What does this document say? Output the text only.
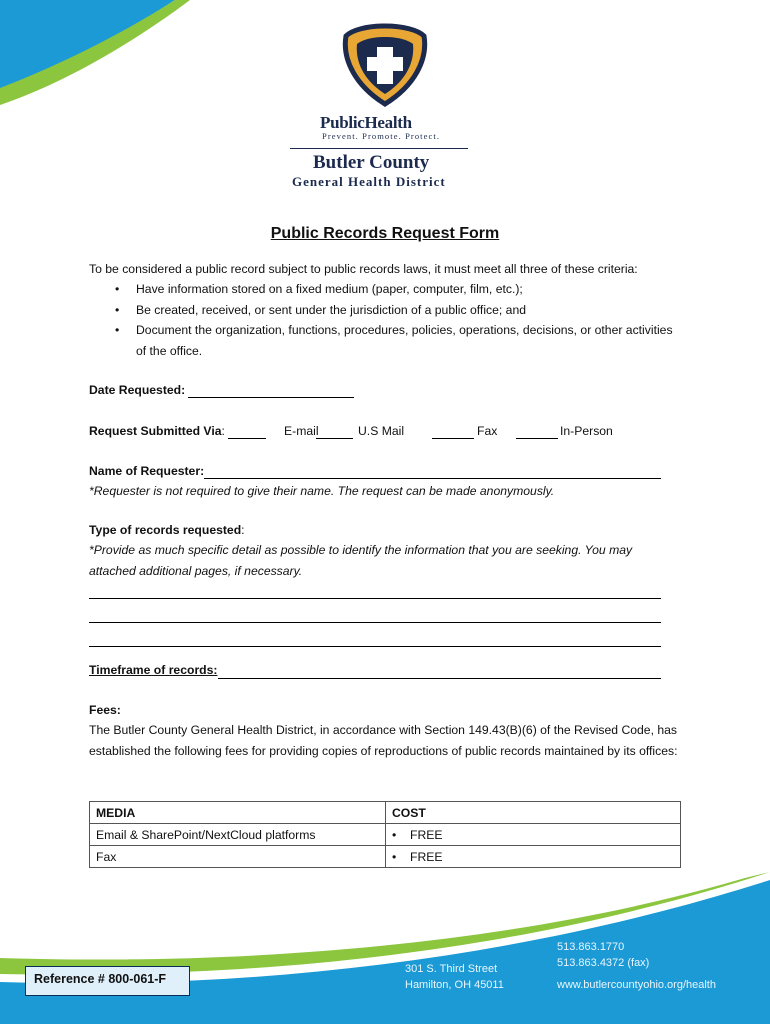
PublicHealth
Prevent. Promote. Protect.
Butler County
General Health District
Public Records Request Form
To be considered a public record subject to public records laws, it must meet all three of these criteria:
• Have information stored on a fixed medium (paper, computer, film, etc.);
• Be created, received, or sent under the jurisdiction of a public office; and
• Document the organization, functions, procedures, policies, operations, decisions, or other activities of the office.
Date Requested:
Request Submitted Via:	E-mail	U.S Mail	Fax	In-Person
Name of Requester:
*Requester is not required to give their name. The request can be made anonymously.
Type of records requested:
*Provide as much specific detail as possible to identify the information that you are seeking. You may attached additional pages, if necessary.
Timeframe of records:
Fees:
The Butler County General Health District, in accordance with Section 149.43(B)(6) of the Revised Code, has established the following fees for providing copies of reproductions of public records maintained by its offices:
MEDIA	COST
Email & SharePoint/NextCloud platforms	• FREE
Fax	• FREE
Reference # 800-061-F
301 S. Third Street
Hamilton, OH 45011
513.863.1770
513.863.4372 (fax)
www.butlercountyohio.org/health
